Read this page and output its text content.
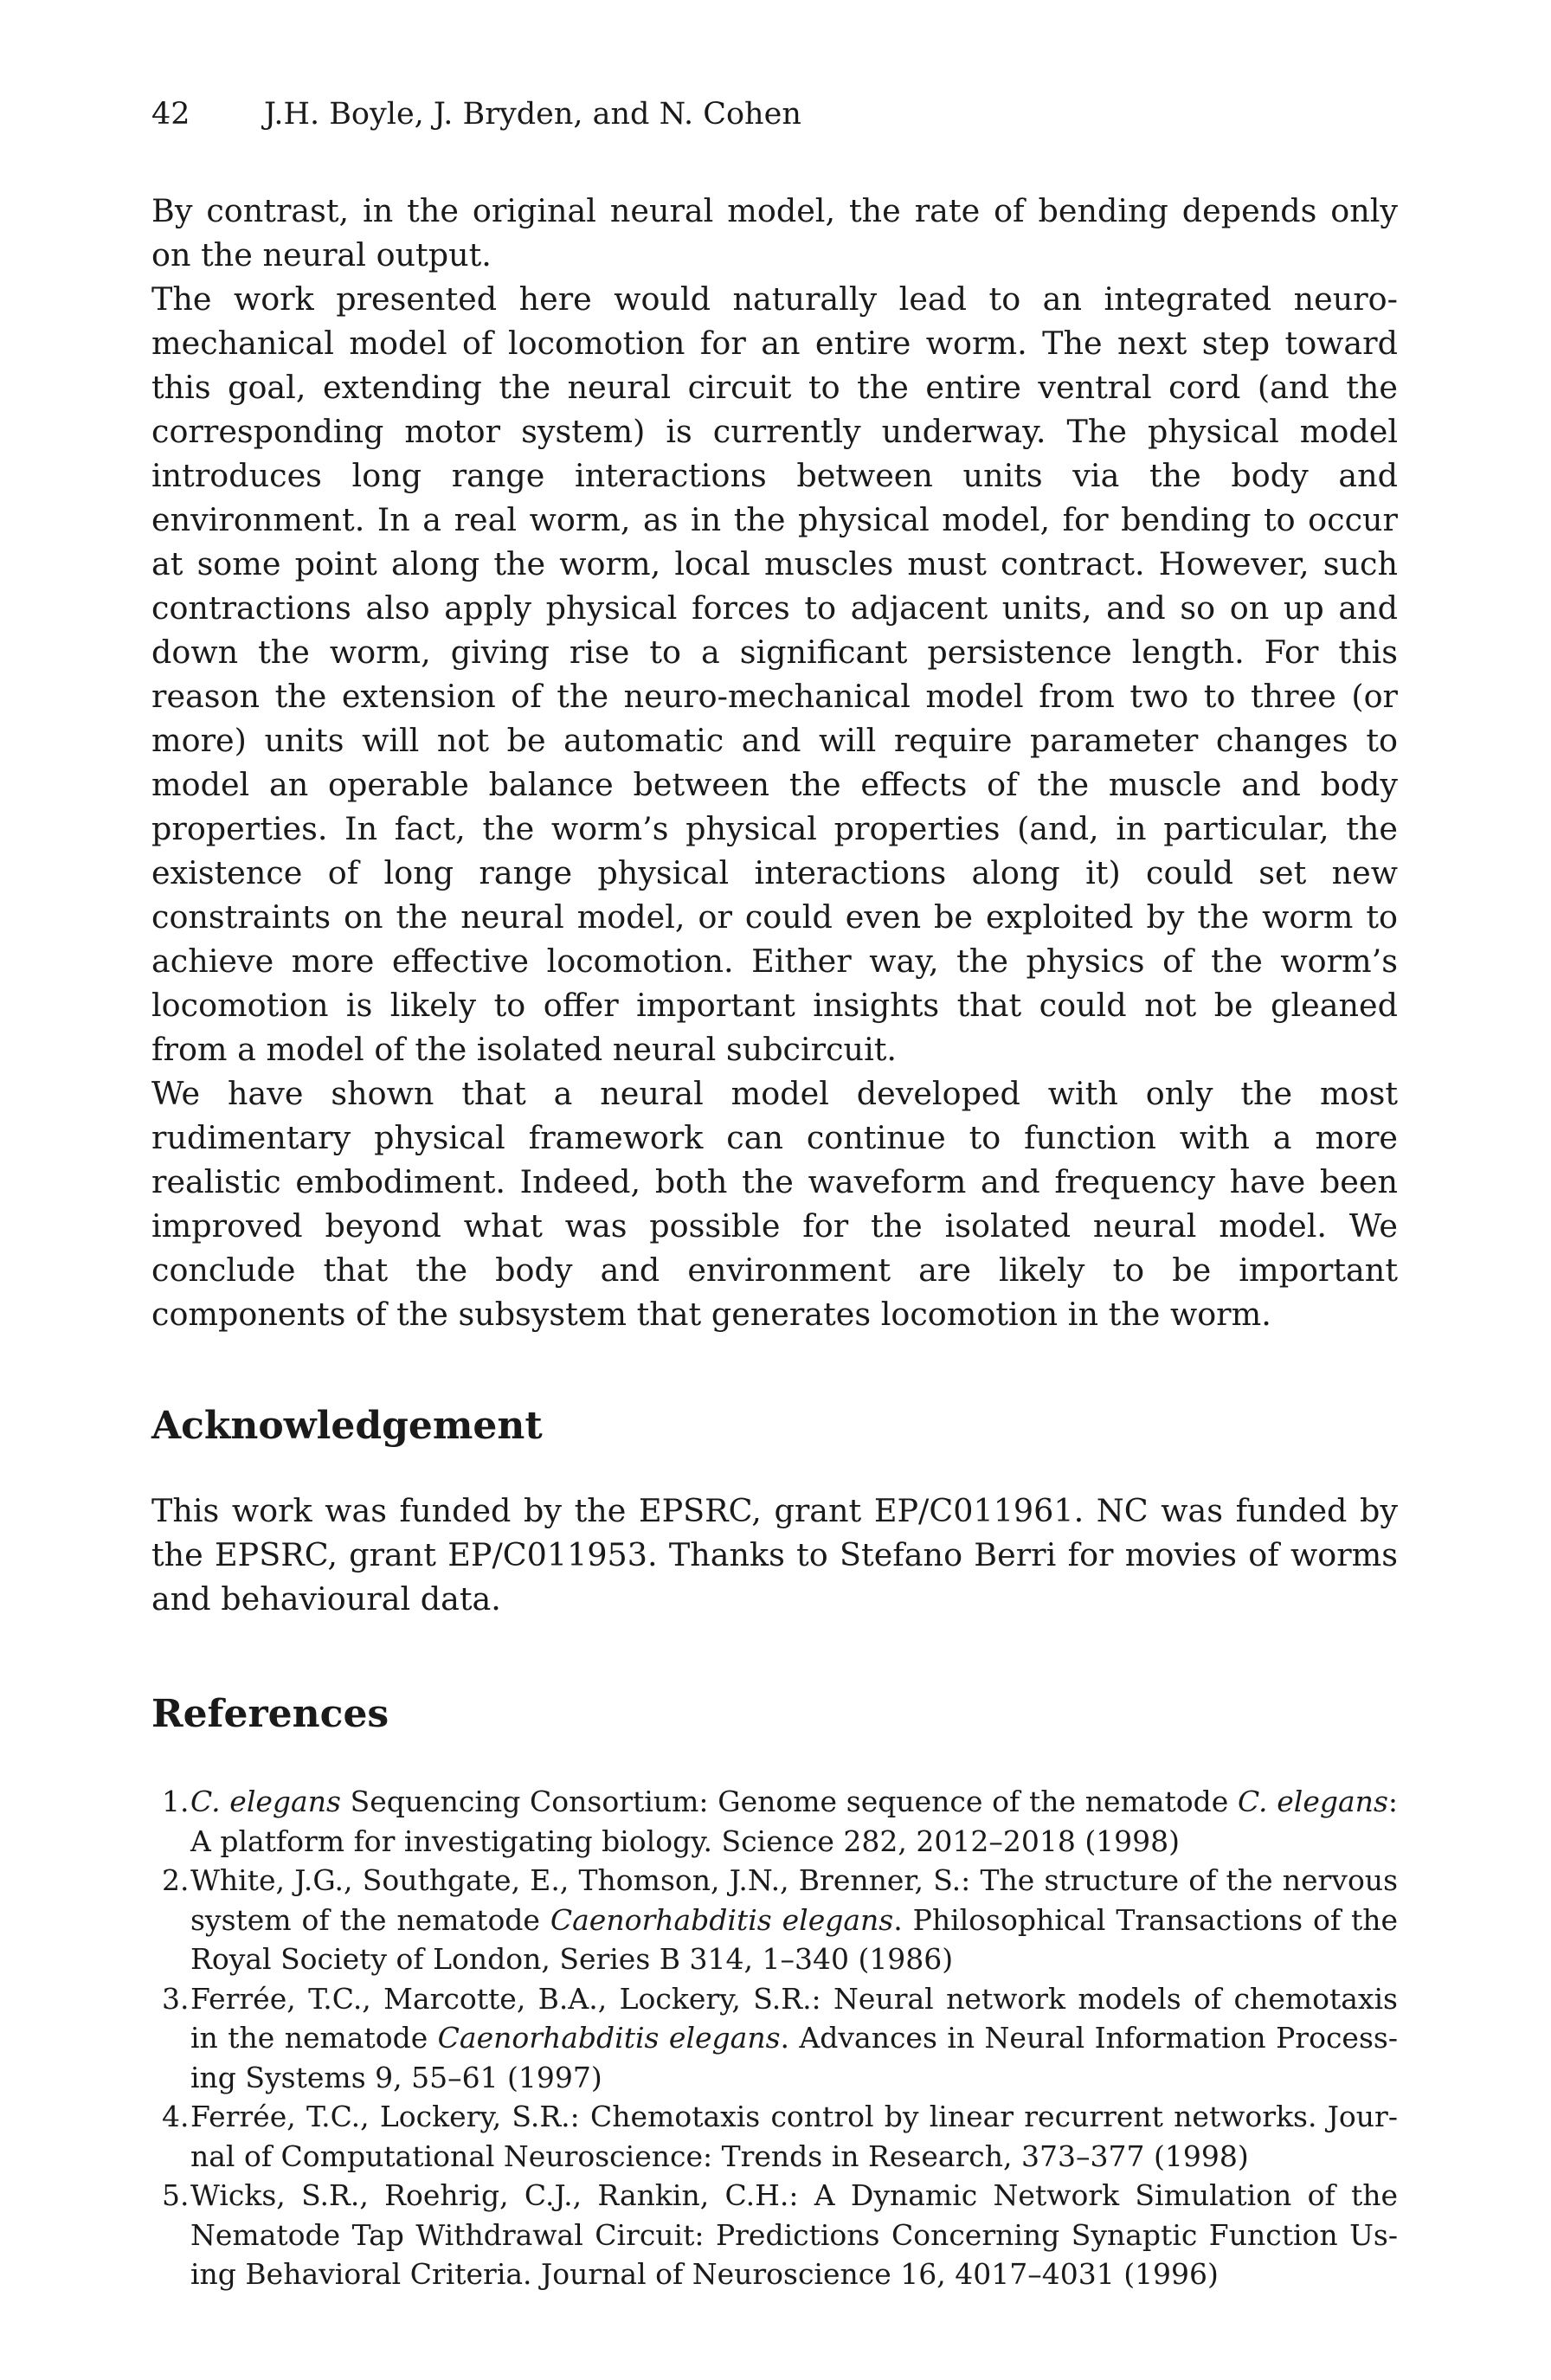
42 J.H. Boyle, J. Bryden, and N. Cohen

By contrast, in the original neural model, the rate of bending depends only on the neural output.

The work presented here would naturally lead to an integrated neuromechanical model of locomotion for an entire worm. The next step toward this goal, extending the neural circuit to the entire ventral cord (and the corresponding motor system) is currently underway. The physical model introduces long range interactions between units via the body and environment. In a real worm, as in the physical model, for bending to occur at some point along the worm, local muscles must contract. However, such contractions also apply physical forces to adjacent units, and so on up and down the worm, giving rise to a significant persistence length. For this reason the extension of the neuro-mechanical model from two to three (or more) units will not be automatic and will require parameter changes to model an operable balance between the effects of the muscle and body properties. In fact, the worm’s physical properties (and, in particular, the existence of long range physical interactions along it) could set new constraints on the neural model, or could even be exploited by the worm to achieve more effective locomotion. Either way, the physics of the worm’s locomotion is likely to offer important insights that could not be gleaned from a model of the isolated neural subcircuit.

We have shown that a neural model developed with only the most rudimentary physical framework can continue to function with a more realistic embodiment. Indeed, both the waveform and frequency have been improved beyond what was possible for the isolated neural model. We conclude that the body and environment are likely to be important components of the subsystem that generates locomotion in the worm.

Acknowledgement
This work was funded by the EPSRC, grant EP/C011961. NC was funded by the EPSRC, grant EP/C011953. Thanks to Stefano Berri for movies of worms and behavioural data.
References
1. C. elegans Sequencing Consortium: Genome sequence of the nematode C. elegans: A platform for investigating biology. Science 282, 2012–2018 (1998)
2. White, J.G., Southgate, E., Thomson, J.N., Brenner, S.: The structure of the nervous system of the nematode Caenorhabditis elegans. Philosophical Transactions of the Royal Society of London, Series B 314, 1–340 (1986)
3. Ferrée, T.C., Marcotte, B.A., Lockery, S.R.: Neural network models of chemotaxis in the nematode Caenorhabditis elegans. Advances in Neural Information Processing Systems 9, 55–61 (1997)
4. Ferrée, T.C., Lockery, S.R.: Chemotaxis control by linear recurrent networks. Journal of Computational Neuroscience: Trends in Research, 373–377 (1998)
5. Wicks, S.R., Roehrig, C.J., Rankin, C.H.: A Dynamic Network Simulation of the Nematode Tap Withdrawal Circuit: Predictions Concerning Synaptic Function Using Behavioral Criteria. Journal of Neuroscience 16, 4017–4031 (1996)
